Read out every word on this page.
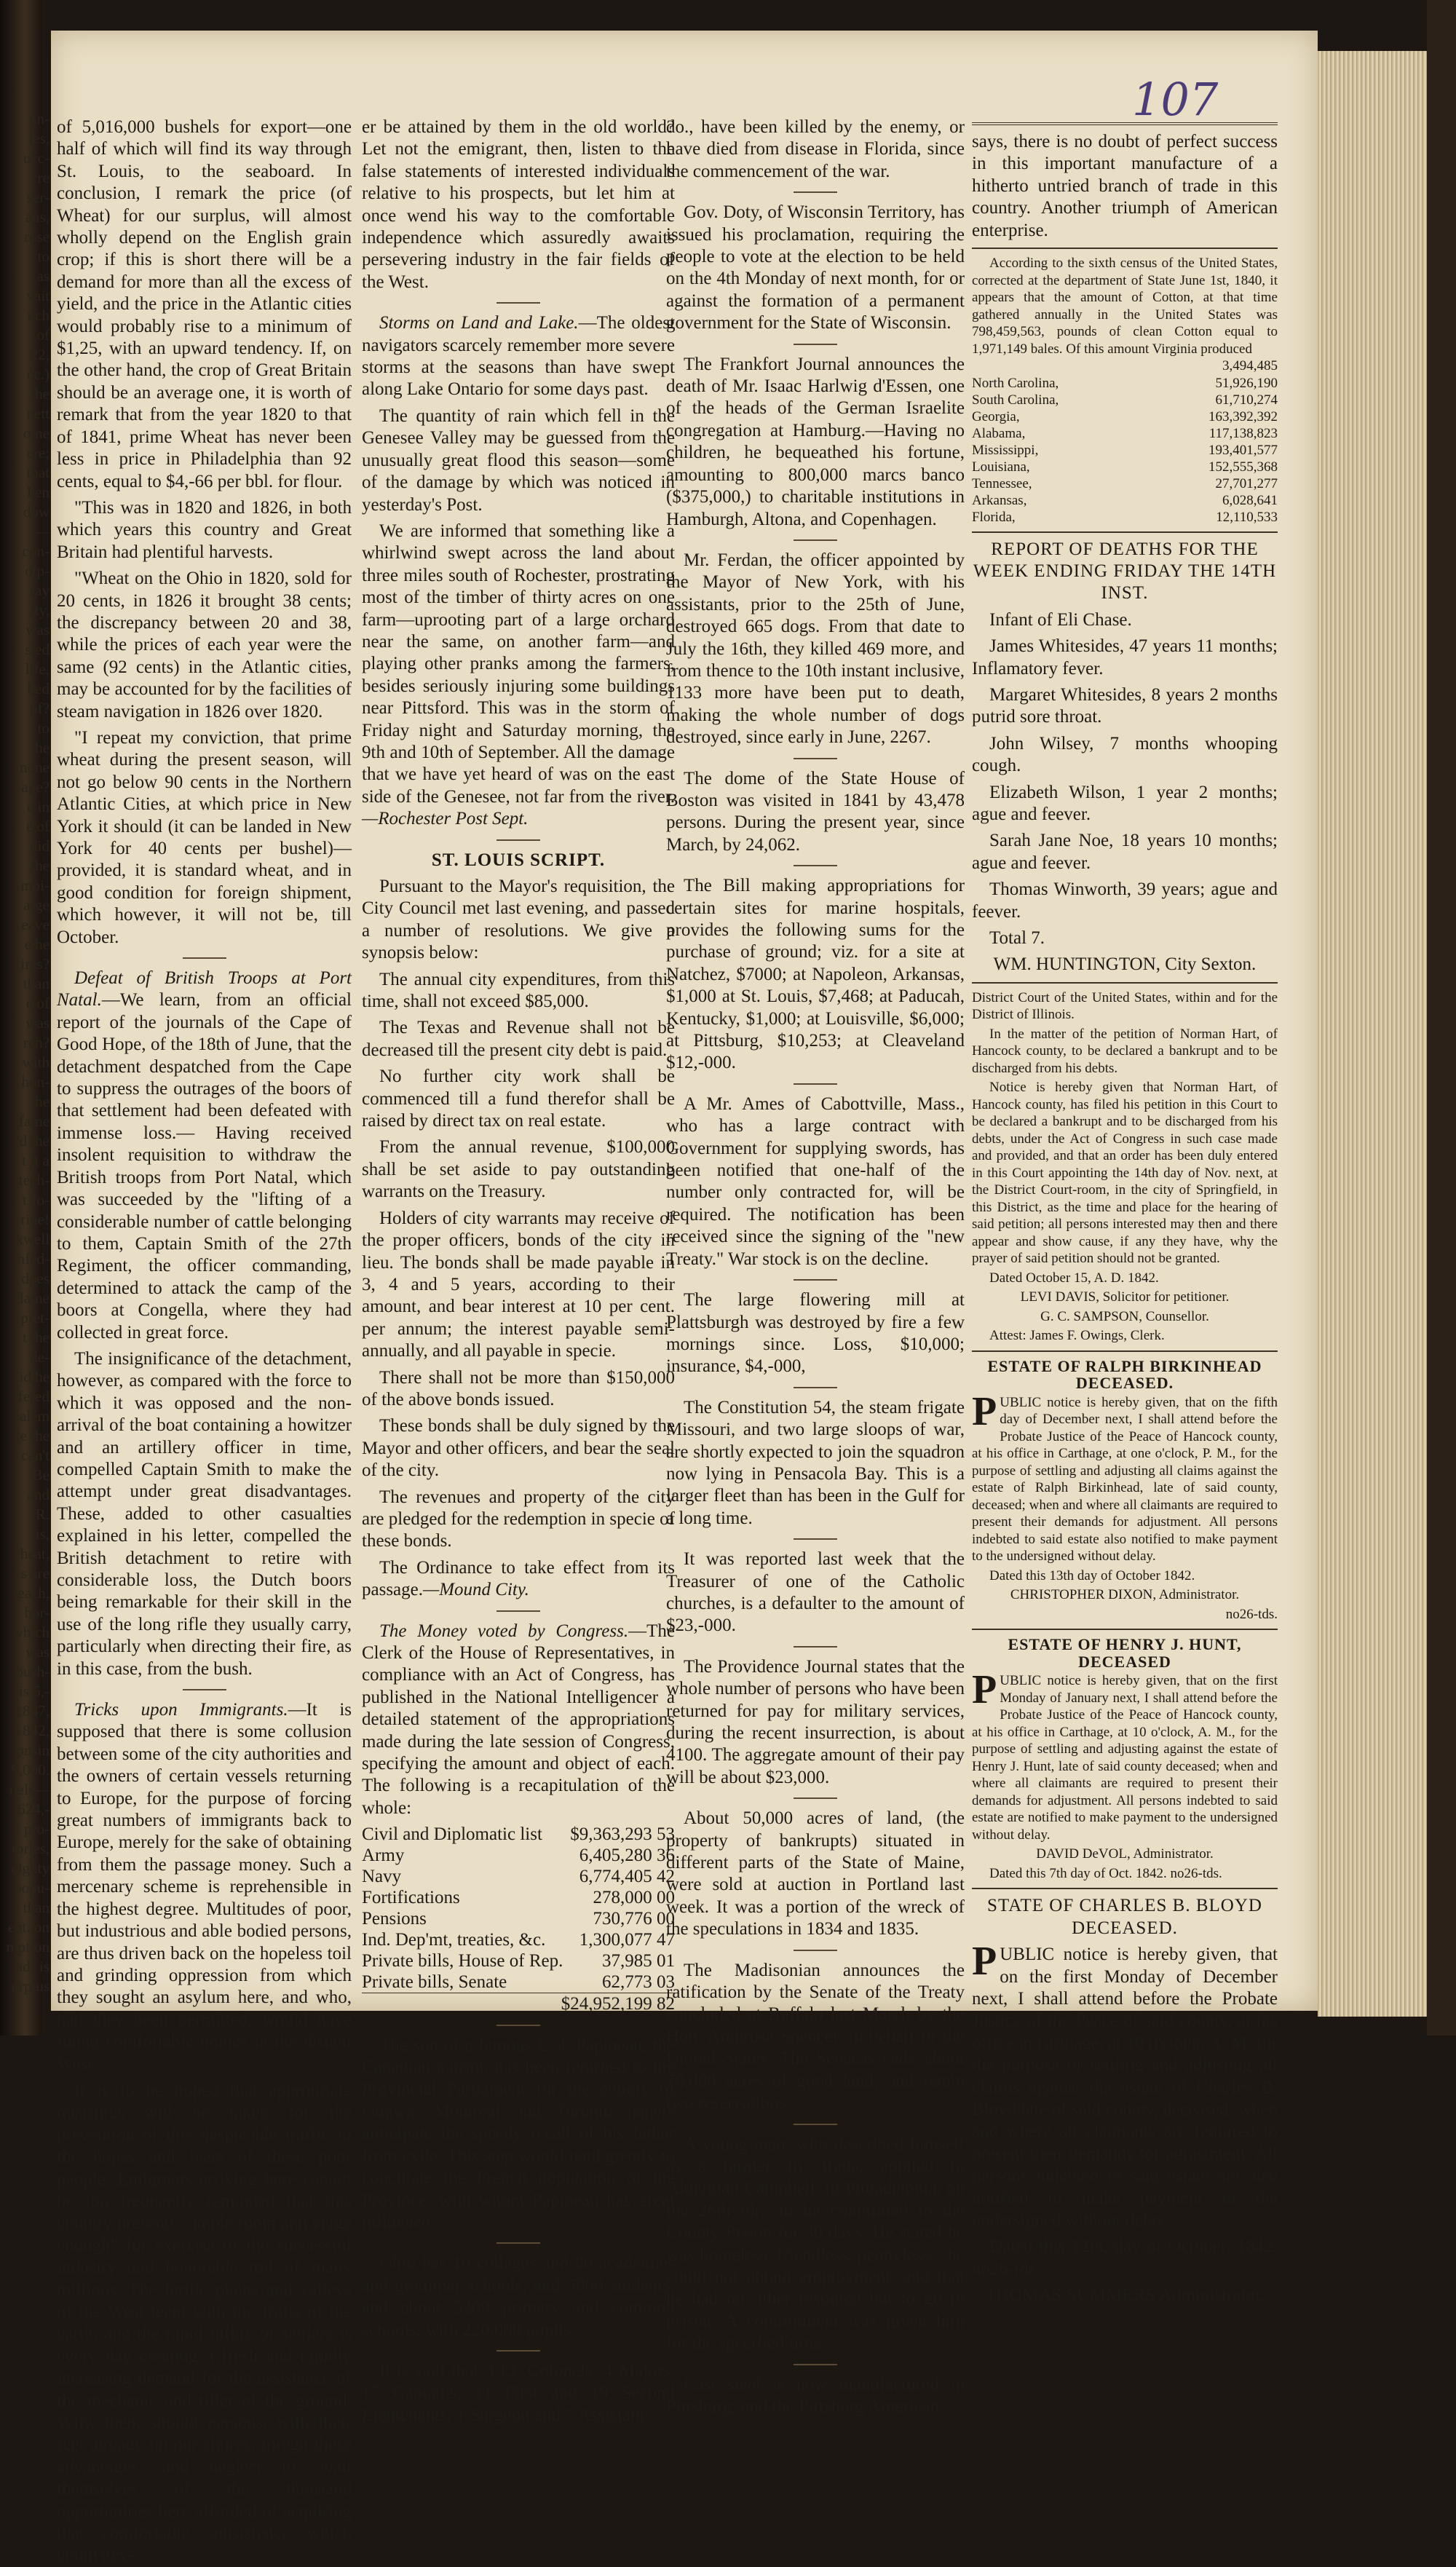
un-
ies,
ucc-
re
ser-
ans,
rose
to
as
vait
uch
of
22,
cc.)
the
nett
ome
ere;
that
hen
dow
—
con-
olp-
say
ity,
was
sted
life,
bed
of?
to
he
none
age?
e in
e,of
did
the
mpi-
arge
eave
e he
ires?
than
e of
was
rch?
with
hon-
he
fame
d the
t it a
tech-
t Jo-
rine!
kwell
nfed-
does
flame
pret-
t the
de-
id he
ffered
salem
le the
can't
Be
and
R.
is,
heat,
s are
reach,
bor-
which
was
bush-
is 5,-
1837,
1842,
onsin
9,000.
nels—
624,-
t pro-
tories,
eighty
popu-
s than
ent. on
mption
ad) is
urplus
107

of 5,016,000 bushels for export—one half of which will find its way through St. Louis, to the seaboard. In conclusion, I remark the price (of Wheat) for our surplus, will almost wholly depend on the English grain crop; if this is short there will be a demand for more than all the excess of yield, and the price in the Atlantic cities would probably rise to a minimum of $1,25, with an upward tendency. If, on the other hand, the crop of Great Britain should be an average one, it is worth of remark that from the year 1820 to that of 1841, prime Wheat has never been less in price in Philadelphia than 92 cents, equal to $4,-66 per bbl. for flour.

"This was in 1820 and 1826, in both which years this country and Great Britain had plentiful harvests.

"Wheat on the Ohio in 1820, sold for 20 cents, in 1826 it brought 38 cents; the discrepancy between 20 and 38, while the prices of each year were the same (92 cents) in the Atlantic cities, may be accounted for by the facilities of steam navigation in 1826 over 1820.

"I repeat my conviction, that prime wheat during the present season, will not go below 90 cents in the Northern Atlantic Cities, at which price in New York it should (it can be landed in New York for 40 cents per bushel)—provided, it is standard wheat, and in good condition for foreign shipment, which however, it will not be, till October.

Defeat of British Troops at Port Natal.—We learn, from an official report of the journals of the Cape of Good Hope, of the 18th of June, that the detachment despatched from the Cape to suppress the outrages of the boors of that settlement had been defeated with immense loss.— Having received insolent requisition to withdraw the British troops from Port Natal, which was succeeded by the "lifting of a considerable number of cattle belonging to them, Captain Smith of the 27th Regiment, the officer commanding, determined to attack the camp of the boors at Congella, where they had collected in great force.

The insignificance of the detachment, however, as compared with the force to which it was opposed and the non-arrival of the boat containing a howitzer and an artillery officer in time, compelled Captain Smith to make the attempt under great disadvantages. These, added to other casualties explained in his letter, compelled the British detachment to retire with considerable loss, the Dutch boors being remarkable for their skill in the use of the long rifle they usually carry, particularly when directing their fire, as in this case, from the bush.

Tricks upon Immigrants.—It is supposed that there is some collusion between some of the city authorities and the owners of certain vessels returning to Europe, for the purpose of forcing great numbers of immigrants back to Europe, merely for the sake of obtaining from them the passage money. Such a mercenary scheme is reprehensible in the highest degree. Multitudes of poor, but industrious and able bodied persons, are thus driven back on the hopeless toil and grinding oppression from which they sought an asylum here, and who, had they been permitted, would have found comfortable homes in the distant West.

It is to be hoped that appropriate measures will be taken for the prevention of this despicable traffic in the hopes and fears of these poor people. Emigrants arriving here cannot be too frequently reminded that this country presents "ample room and verge enough" for exercise of the successful industry and honorable toil of many millions. The fertile plains and valleys of the West teem with the fruits of the earth, and the rapid influx of settlers is every day creating a fresh and rapidly increasing demand for the assistance of the mechanic and tiller of the ground. Why, then, should persons, with their feet already on our shores, forego these advantages, and neglect to avail themselves of the thousand opportunities here afforded of acquiring that comfortable subsistence which could nev-

er be attained by them in the old world? Let not the emigrant, then, listen to the false statements of interested individuals relative to his prospects, but let him at once wend his way to the comfortable independence which assuredly awaits persevering industry in the fair fields of the West.

Storms on Land and Lake.—The oldest navigators scarcely remember more severe storms at the seasons than have swept along Lake Ontario for some days past.

The quantity of rain which fell in the Genesee Valley may be guessed from the unusually great flood this season—some of the damage by which was noticed in yesterday's Post.

We are informed that something like a whirlwind swept across the land about three miles south of Rochester, prostrating most of the timber of thirty acres on one farm—uprooting part of a large orchard near the same, on another farm—and playing other pranks among the farmers, besides seriously injuring some buildings near Pittsford. This was in the storm of Friday night and Saturday morning, the 9th and 10th of September. All the damage that we have yet heard of was on the east side of the Genesee, not far from the river.—Rochester Post Sept.

ST. LOUIS SCRIPT.

Pursuant to the Mayor's requisition, the City Council met last evening, and passed a number of resolutions. We give a synopsis below:

The annual city expenditures, from this time, shall not exceed $85,000.

The Texas and Revenue shall not be decreased till the present city debt is paid.

No further city work shall be commenced till a fund therefor shall be raised by direct tax on real estate.

From the annual revenue, $100,000 shall be set aside to pay outstanding warrants on the Treasury.

Holders of city warrants may receive of the proper officers, bonds of the city in lieu. The bonds shall be made payable in 3, 4 and 5 years, according to their amount, and bear interest at 10 per cent. per annum; the interest payable semi-annually, and all payable in specie.

There shall not be more than $150,000 of the above bonds issued.

These bonds shall be duly signed by the Mayor and other officers, and bear the seal of the city.

The revenues and property of the city are pledged for the redemption in specie of these bonds.

The Ordinance to take effect from its passage.—Mound City.

The Money voted by Congress.—The Clerk of the House of Representatives, in compliance with an Act of Congress, has published in the National Intelligencer a detailed statement of the appropriations made during the late session of Congress, specifying the amount and object of each. The following is a recapitulation of the whole:

Civil and Diplomatic list	$9,363,293 53
Army	6,405,280 36
Navy	6,774,405 42
Fortifications	278,000 00
Pensions	730,776 00
Ind. Dep'mt, treaties, &c.	1,300,077 47
Private bills, House of Rep.	37,985 01
Private bills, Senate	62,773 03
$24,952,199 82

The son of a famous L. J. Papineau, the Canadian patriot, has been returned to the Provincial Parliament for the county of Ottawa. Montreal and Toronto papers anticipate the speedy recall of his father from exile. This step would tend greatly to conciliate the French population of the Province, with whom Papineau has great influence.

Ohio has 10 colleges and 80 academies and grammar schools, and 5000 students; and about 5200 primary and common schools, with 220,000 pupils.

It is said that 3 Lt. Colonels, 4 Majors, 17 Captains, 11 First and 19 Second Lieutenants, 1 Surgeon and 5 Assistant

do., have been killed by the enemy, or have died from disease in Florida, since the commencement of the war.

Gov. Doty, of Wisconsin Territory, has issued his proclamation, requiring the people to vote at the election to be held on the 4th Monday of next month, for or against the formation of a permanent government for the State of Wisconsin.

The Frankfort Journal announces the death of Mr. Isaac Harlwig d'Essen, one of the heads of the German Israelite congregation at Hamburg.—Having no children, he bequeathed his fortune, amounting to 800,000 marcs banco ($375,000,) to charitable institutions in Hamburgh, Altona, and Copenhagen.

Mr. Ferdan, the officer appointed by the Mayor of New York, with his assistants, prior to the 25th of June, destroyed 665 dogs. From that date to July the 16th, they killed 469 more, and from thence to the 10th instant inclusive, 1133 more have been put to death, making the whole number of dogs destroyed, since early in June, 2267.

The dome of the State House of Boston was visited in 1841 by 43,478 persons. During the present year, since March, by 24,062.

The Bill making appropriations for certain sites for marine hospitals, provides the following sums for the purchase of ground; viz. for a site at Natchez, $7000; at Napoleon, Arkansas, $1,000 at St. Louis, $7,468; at Paducah, Kentucky, $1,000; at Louisville, $6,000; at Pittsburg, $10,253; at Cleaveland $12,-000.

A Mr. Ames of Cabottville, Mass., who has a large contract with Government for supplying swords, has been notified that one-half of the number only contracted for, will be required. The notification has been received since the signing of the "new Treaty." War stock is on the decline.

The large flowering mill at Plattsburgh was destroyed by fire a few mornings since. Loss, $10,000; insurance, $4,-000,

The Constitution 54, the steam frigate Missouri, and two large sloops of war, are shortly expected to join the squadron now lying in Pensacola Bay. This is a larger fleet than has been in the Gulf for a long time.

It was reported last week that the Treasurer of one of the Catholic churches, is a defaulter to the amount of $23,-000.

The Providence Journal states that the whole number of persons who have been returned for pay for military services, during the recent insurrection, is about 4100. The aggregate amount of their pay will be about $23,000.

About 50,000 acres of land, (the property of bankrupts) situated in different parts of the State of Maine, were sold at auction in Portland last week. It was a portion of the wreck of the speculations in 1834 and 1835.

The Madisonian announces the ratification by the Senate of the Treaty concluded at Buffalo last March by the Hon. Ambrose Spencer, in behalf of the United States. The Senacas cede about 70,000 acres of good land, and retain two reservations.

A young man, who described himself as a farmer by trade, applied to Alderman Campbell, of Philadelphia, on the 26th ult., to be committed to the County Prison for 30 days. He stated he was homeless, friendless, pennyless—he could not obtain employment, and that he had no other resource but to go to prison. A commitment was given him for the specified time.

Cast steel is now manufactured in Pittsburg; and the Pittsburg American

says, there is no doubt of perfect success in this important manufacture of a hitherto untried branch of trade in this country. Another triumph of American enterprise.

According to the sixth census of the United States, corrected at the department of State June 1st, 1840, it appears that the amount of Cotton, at that time gathered annually in the United States was 798,459,563, pounds of clean Cotton equal to 1,971,149 bales. Of this amount Virginia produced
3,494,485

North Carolina,	51,926,190
South Carolina,	61,710,274
Georgia,	163,392,392
Alabama,	117,138,823
Mississippi,	193,401,577
Louisiana,	152,555,368
Tennessee,	27,701,277
Arkansas,	6,028,641
Florida,	12,110,533

REPORT OF DEATHS FOR THE WEEK ENDING FRIDAY THE 14TH INST.

Infant of Eli Chase.

James Whitesides, 47 years 11 months; Inflamatory fever.

Margaret Whitesides, 8 years 2 months putrid sore throat.

John Wilsey, 7 months whooping cough.

Elizabeth Wilson, 1 year 2 months; ague and feever.

Sarah Jane Noe, 18 years 10 months; ague and feever.

Thomas Winworth, 39 years; ague and feever.

Total 7.

WM. HUNTINGTON, City Sexton.

District Court of the United States, within and for the District of Illinois.

In the matter of the petition of Norman Hart, of Hancock county, to be declared a bankrupt and to be discharged from his debts.

Notice is hereby given that Norman Hart, of Hancock county, has filed his petition in this Court to be declared a bankrupt and to be discharged from his debts, under the Act of Congress in such case made and provided, and that an order has been duly entered in this Court appointing the 14th day of Nov. next, at the District Court-room, in the city of Springfield, in this District, as the time and place for the hearing of said petition; all persons interested may then and there appear and show cause, if any they have, why the prayer of said petition should not be granted.

Dated October 15, A. D. 1842.

LEVI DAVIS, Solicitor for petitioner.

G. C. SAMPSON, Counsellor.

Attest: James F. Owings, Clerk.

ESTATE OF RALPH BIRKINHEAD DECEASED.

PUBLIC notice is hereby given, that on the fifth day of December next, I shall attend before the Probate Justice of the Peace of Hancock county, at his office in Carthage, at one o'clock, P. M., for the purpose of settling and adjusting all claims against the estate of Ralph Birkinhead, late of said county, deceased; when and where all claimants are required to present their demands for adjustment. All persons indebted to said estate also notified to make payment to the undersigned without delay.

Dated this 13th day of October 1842.

CHRISTOPHER DIXON, Administrator.

no26-tds.

ESTATE OF HENRY J. HUNT, DECEASED

PUBLIC notice is hereby given, that on the first Monday of January next, I shall attend before the Probate Justice of the Peace of Hancock county, at his office in Carthage, at 10 o'clock, A. M., for the purpose of settling and adjusting against the estate of Henry J. Hunt, late of said county deceased; when and where all claimants are required to present their demands for adjustment. All persons indebted to said estate are notified to make payment to the undersigned without delay.

DAVID DeVOL, Administrator.

Dated this 7th day of Oct. 1842. no26-tds.

STATE OF CHARLES B. BLOYD DECEASED.

PUBLIC notice is hereby given, that on the first Monday of December next, I shall attend before the Probate Justice of the Peace of said county, at his office in carthage, at 10 o'clock, A. M. for the purpose of settling and adjusting all claims against the estate of Charles B. Bloyd late of said county, deceased; when and where all claimants are required to present their demands for adjustment. All persons indebted to said estate are also notified to make payment to the undersigned without delay.

Dated this 12th, day of October, 1842. no26-tds.

THOMAS SUMMERS Administrator.
